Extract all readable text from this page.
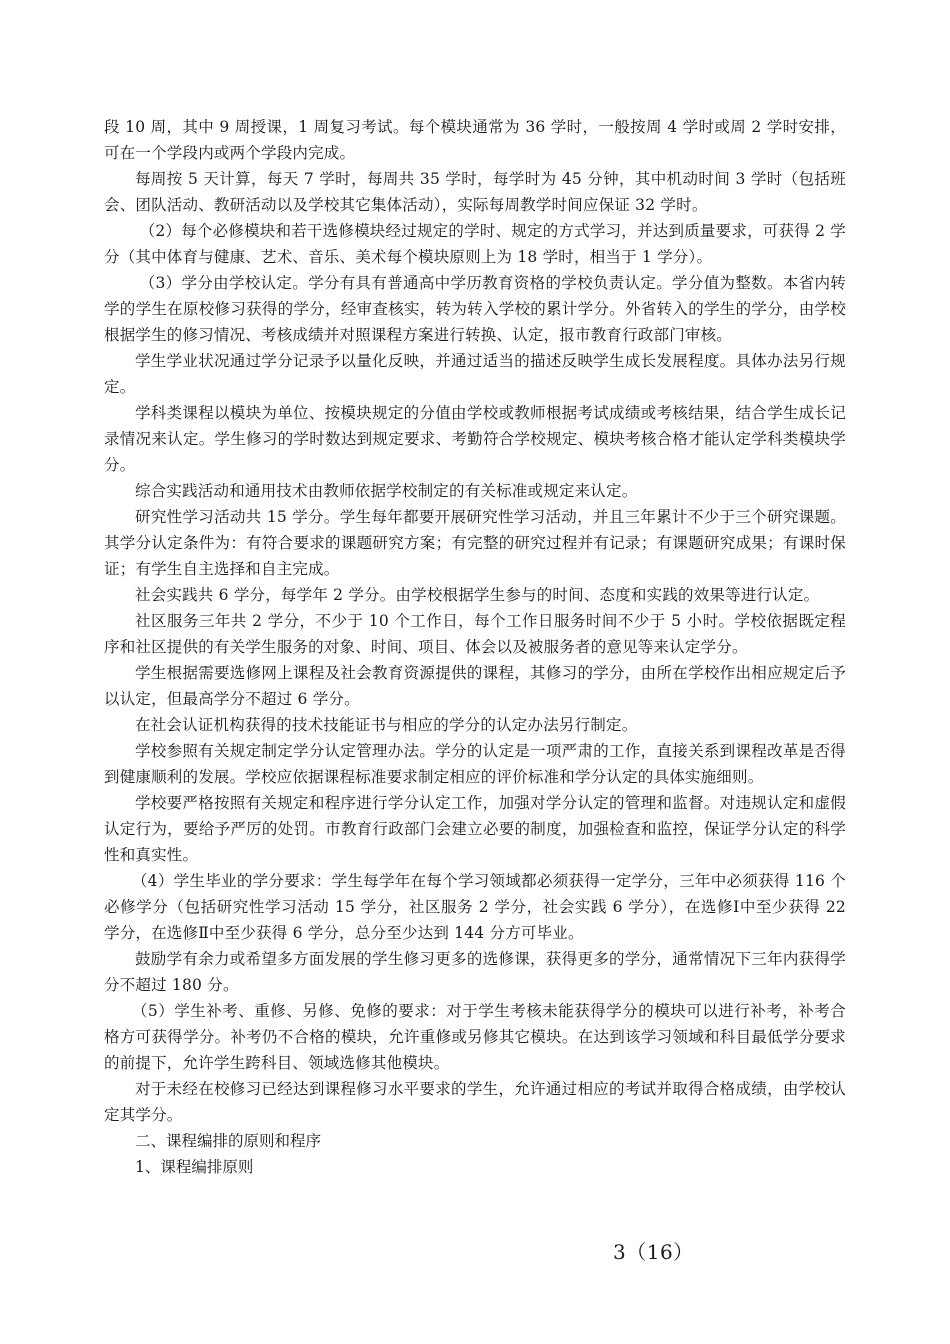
段 10 周，其中 9 周授课，1 周复习考试。每个模块通常为 36 学时，一般按周 4 学时或周 2 学时安排，可在一个学段内或两个学段内完成。

每周按 5 天计算，每天 7 学时，每周共 35 学时，每学时为 45 分钟，其中机动时间 3 学时（包括班会、团队活动、教研活动以及学校其它集体活动），实际每周教学时间应保证 32 学时。

（2）每个必修模块和若干选修模块经过规定的学时、规定的方式学习，并达到质量要求，可获得 2 学分（其中体育与健康、艺术、音乐、美术每个模块原则上为 18 学时，相当于 1 学分）。

（3）学分由学校认定。学分有具有普通高中学历教育资格的学校负责认定。学分值为整数。本省内转学的学生在原校修习获得的学分，经审查核实，转为转入学校的累计学分。外省转入的学生的学分，由学校根据学生的修习情况、考核成绩并对照课程方案进行转换、认定，报市教育行政部门审核。

学生学业状况通过学分记录予以量化反映，并通过适当的描述反映学生成长发展程度。具体办法另行规定。

学科类课程以模块为单位、按模块规定的分值由学校或教师根据考试成绩或考核结果，结合学生成长记录情况来认定。学生修习的学时数达到规定要求、考勤符合学校规定、模块考核合格才能认定学科类模块学分。

综合实践活动和通用技术由教师依据学校制定的有关标准或规定来认定。

研究性学习活动共 15 学分。学生每年都要开展研究性学习活动，并且三年累计不少于三个研究课题。其学分认定条件为：有符合要求的课题研究方案；有完整的研究过程并有记录；有课题研究成果；有课时保证；有学生自主选择和自主完成。

社会实践共 6 学分，每学年 2 学分。由学校根据学生参与的时间、态度和实践的效果等进行认定。

社区服务三年共 2 学分，不少于 10 个工作日，每个工作日服务时间不少于 5 小时。学校依据既定程序和社区提供的有关学生服务的对象、时间、项目、体会以及被服务者的意见等来认定学分。

学生根据需要选修网上课程及社会教育资源提供的课程，其修习的学分，由所在学校作出相应规定后予以认定，但最高学分不超过 6 学分。

在社会认证机构获得的技术技能证书与相应的学分的认定办法另行制定。

学校参照有关规定制定学分认定管理办法。学分的认定是一项严肃的工作，直接关系到课程改革是否得到健康顺利的发展。学校应依据课程标准要求制定相应的评价标准和学分认定的具体实施细则。

学校要严格按照有关规定和程序进行学分认定工作，加强对学分认定的管理和监督。对违规认定和虚假认定行为，要给予严厉的处罚。市教育行政部门会建立必要的制度，加强检查和监控，保证学分认定的科学性和真实性。

（4）学生毕业的学分要求：学生每学年在每个学习领域都必须获得一定学分，三年中必须获得 116 个必修学分（包括研究性学习活动 15 学分，社区服务 2 学分，社会实践 6 学分），在选修Ⅰ中至少获得 22 学分，在选修Ⅱ中至少获得 6 学分，总分至少达到 144 分方可毕业。

鼓励学有余力或希望多方面发展的学生修习更多的选修课，获得更多的学分，通常情况下三年内获得学分不超过 180 分。

（5）学生补考、重修、另修、免修的要求：对于学生考核未能获得学分的模块可以进行补考，补考合格方可获得学分。补考仍不合格的模块，允许重修或另修其它模块。在达到该学习领域和科目最低学分要求的前提下，允许学生跨科目、领域选修其他模块。

对于未经在校修习已经达到课程修习水平要求的学生，允许通过相应的考试并取得合格成绩，由学校认定其学分。

二、课程编排的原则和程序

1、课程编排原则

3（16）
